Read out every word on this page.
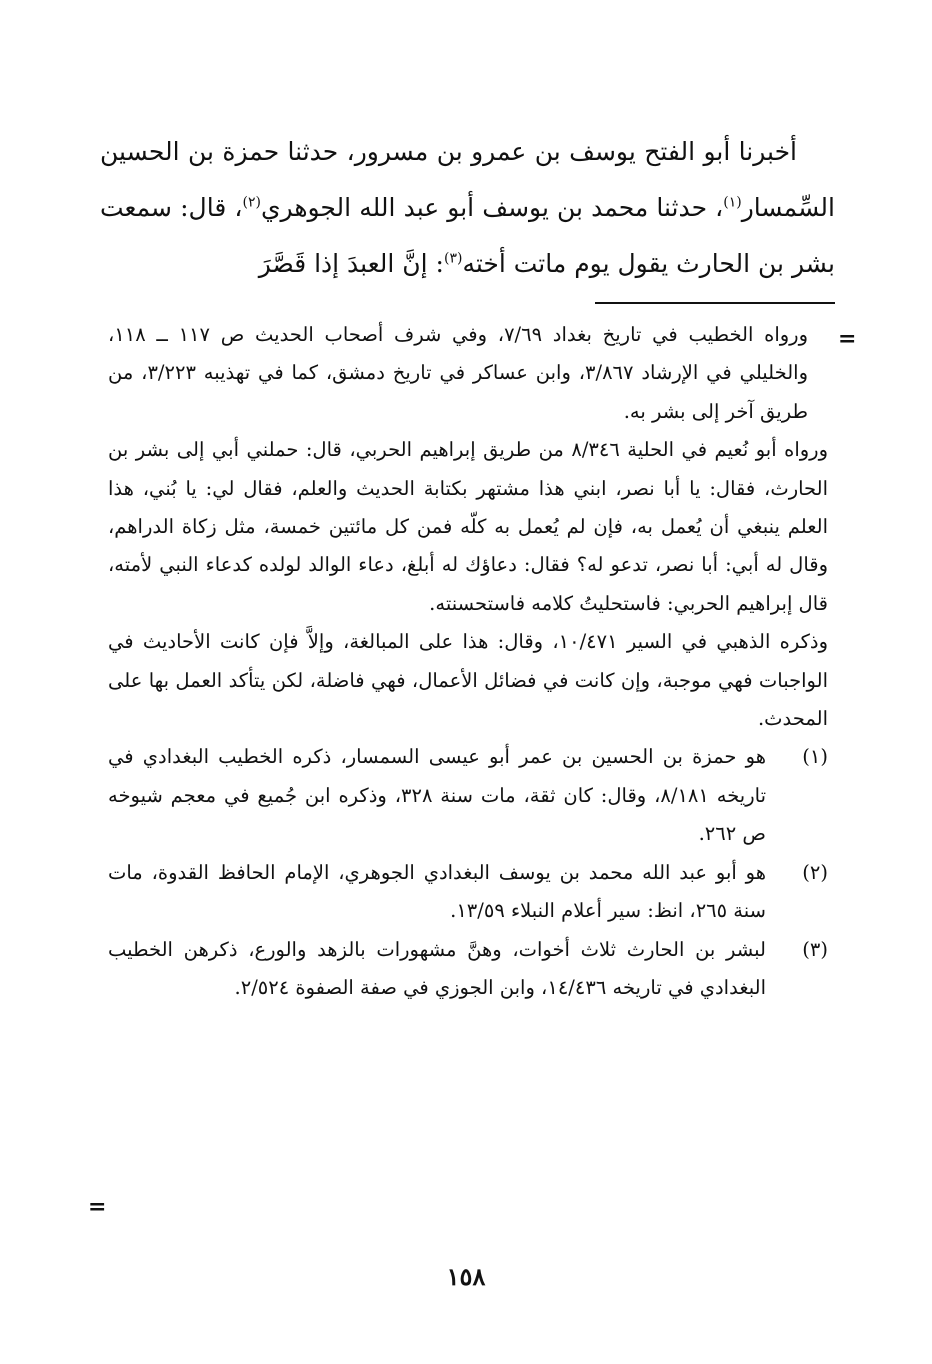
أخبرنا أبو الفتح يوسف بن عمرو بن مسرور، حدثنا حمزة بن الحسين السِّمسار$^{(١)}$، حدثنا محمد بن يوسف أبو عبد الله الجوهري$^{(٢)}$، قال: سمعت بشر بن الحارث يقول يوم ماتت أخته$^{(٣)}$: إنَّ العبدَ إذا قَصَّرَ

=

ورواه الخطيب في تاريخ بغداد ٧/٦٩، وفي شرف أصحاب الحديث ص ١١٧ ــ ١١٨، والخليلي في الإرشاد ٣/٨٦٧، وابن عساكر في تاريخ دمشق، كما في تهذيبه ٣/٢٢٣، من طريق آخر إلى بشر به.

ورواه أبو نُعيم في الحلية ٨/٣٤٦ من طريق إبراهيم الحربي، قال: حملني أبي إلى بشر بن الحارث، فقال: يا أبا نصر، ابني هذا مشتهر بكتابة الحديث والعلم، فقال لي: يا بُني، هذا العلم ينبغي أن يُعمل به، فإن لم يُعمل به كلّه فمن كل مائتين خمسة، مثل زكاة الدراهم، وقال له أبي: أبا نصر، تدعو له؟ فقال: دعاؤك له أبلغ، دعاء الوالد لولده كدعاء النبي لأمته، قال إبراهيم الحربي: فاستحليتُ كلامه فاستحسنته.

وذكره الذهبي في السير ١٠/٤٧١، وقال: هذا على المبالغة، وإلاَّ فإن كانت الأحاديث في الواجبات فهي موجبة، وإن كانت في فضائل الأعمال، فهي فاضلة، لكن يتأكد العمل بها على المحدث.

(١)
هو حمزة بن الحسين بن عمر أبو عيسى السمسار، ذكره الخطيب البغدادي في تاريخه ٨/١٨١، وقال: كان ثقة، مات سنة ٣٢٨، وذكره ابن جُميع في معجم شيوخه ص ٢٦٢.
(٢)
هو أبو عبد الله محمد بن يوسف البغدادي الجوهري، الإمام الحافظ القدوة، مات سنة ٢٦٥، انظ: سير أعلام النبلاء ١٣/٥٩.
(٣)
لبشر بن الحارث ثلاث أخوات، وهنَّ مشهورات بالزهد والورع، ذكرهن الخطيب البغدادي في تاريخه ١٤/٤٣٦، وابن الجوزي في صفة الصفوة ٢/٥٢٤.
=
١٥٨
